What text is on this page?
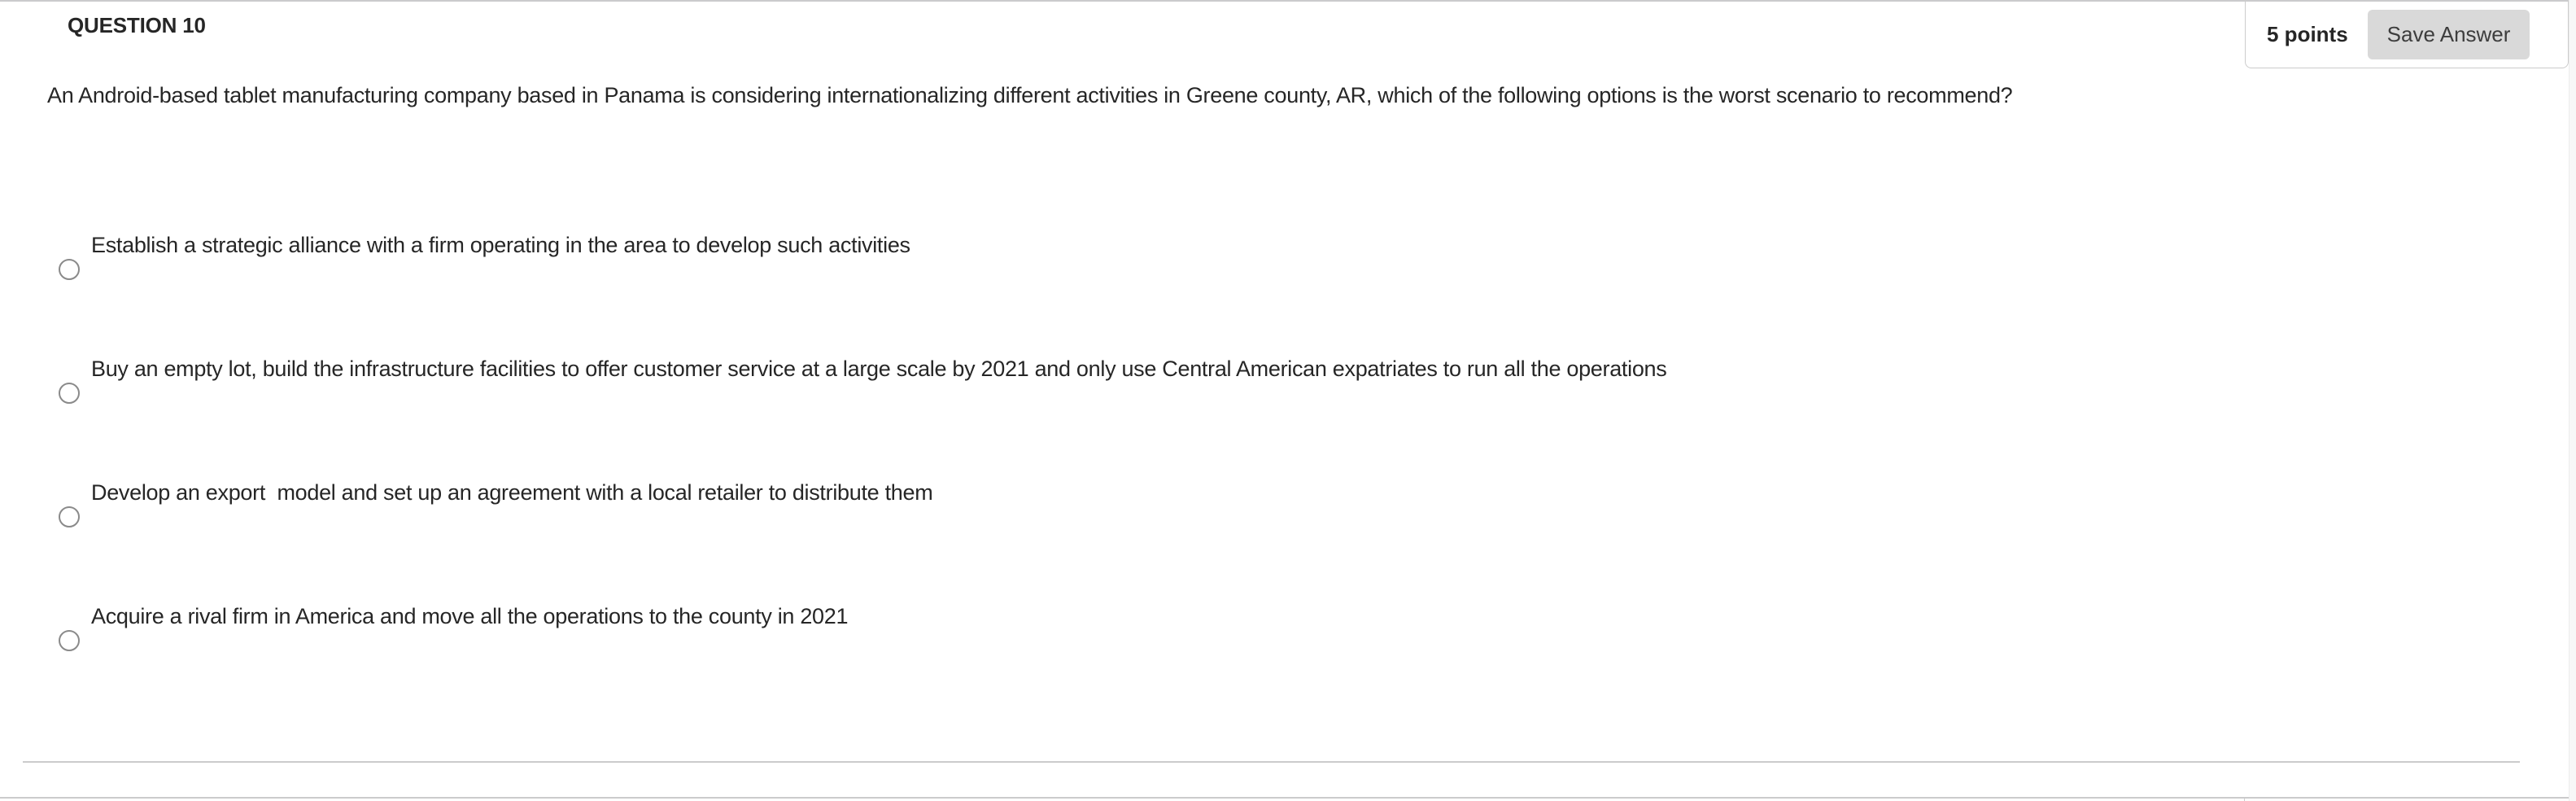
QUESTION 10	5 points	Save Answer
An Android-based tablet manufacturing company based in Panama is considering internationalizing different activities in Greene county, AR, which of the following options is the worst scenario to recommend?
Establish a strategic alliance with a firm operating in the area to develop such activities
Buy an empty lot, build the infrastructure facilities to offer customer service at a large scale by 2021 and only use Central American expatriates to run all the operations
Develop an export  model and set up an agreement with a local retailer to distribute them
Acquire a rival firm in America and move all the operations to the county in 2021
